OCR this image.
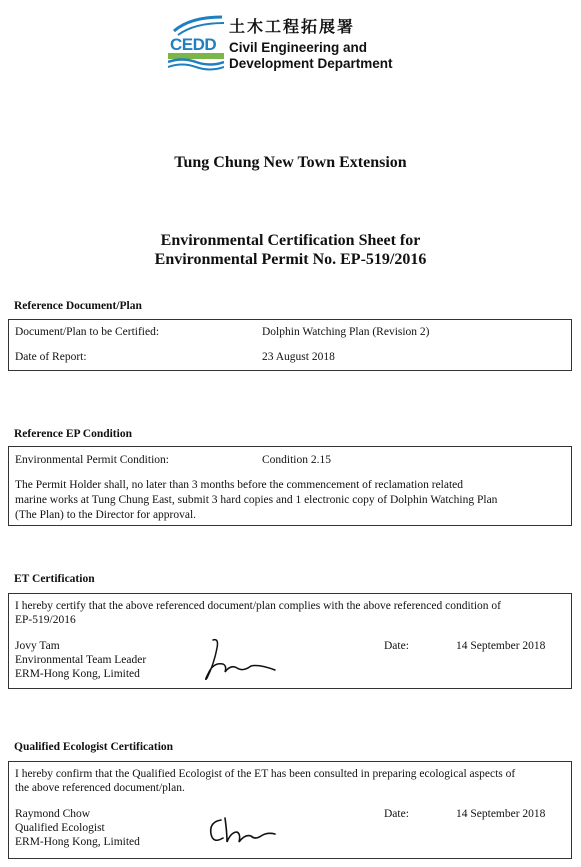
CEDD
土木工程拓展署
Civil Engineering and
Development Department
Tung Chung New Town Extension
Environmental Certification Sheet for
Environmental Permit No. EP-519/2016
Reference Document/Plan
Document/Plan to be Certified:	Dolphin Watching Plan (Revision 2)
Date of Report:	23 August 2018
Reference EP Condition
Environmental Permit Condition:	Condition 2.15
The Permit Holder shall, no later than 3 months before the commencement of reclamation related
marine works at Tung Chung East, submit 3 hard copies and 1 electronic copy of Dolphin Watching Plan
(The Plan) to the Director for approval.
ET Certification
I hereby certify that the above referenced document/plan complies with the above referenced condition of
EP-519/2016
Jovy Tam
Environmental Team Leader
ERM-Hong Kong, Limited
Date:	14 September 2018
Qualified Ecologist Certification
I hereby confirm that the Qualified Ecologist of the ET has been consulted in preparing ecological aspects of
the above referenced document/plan.
Raymond Chow
Qualified Ecologist
ERM-Hong Kong, Limited
Date:	14 September 2018
